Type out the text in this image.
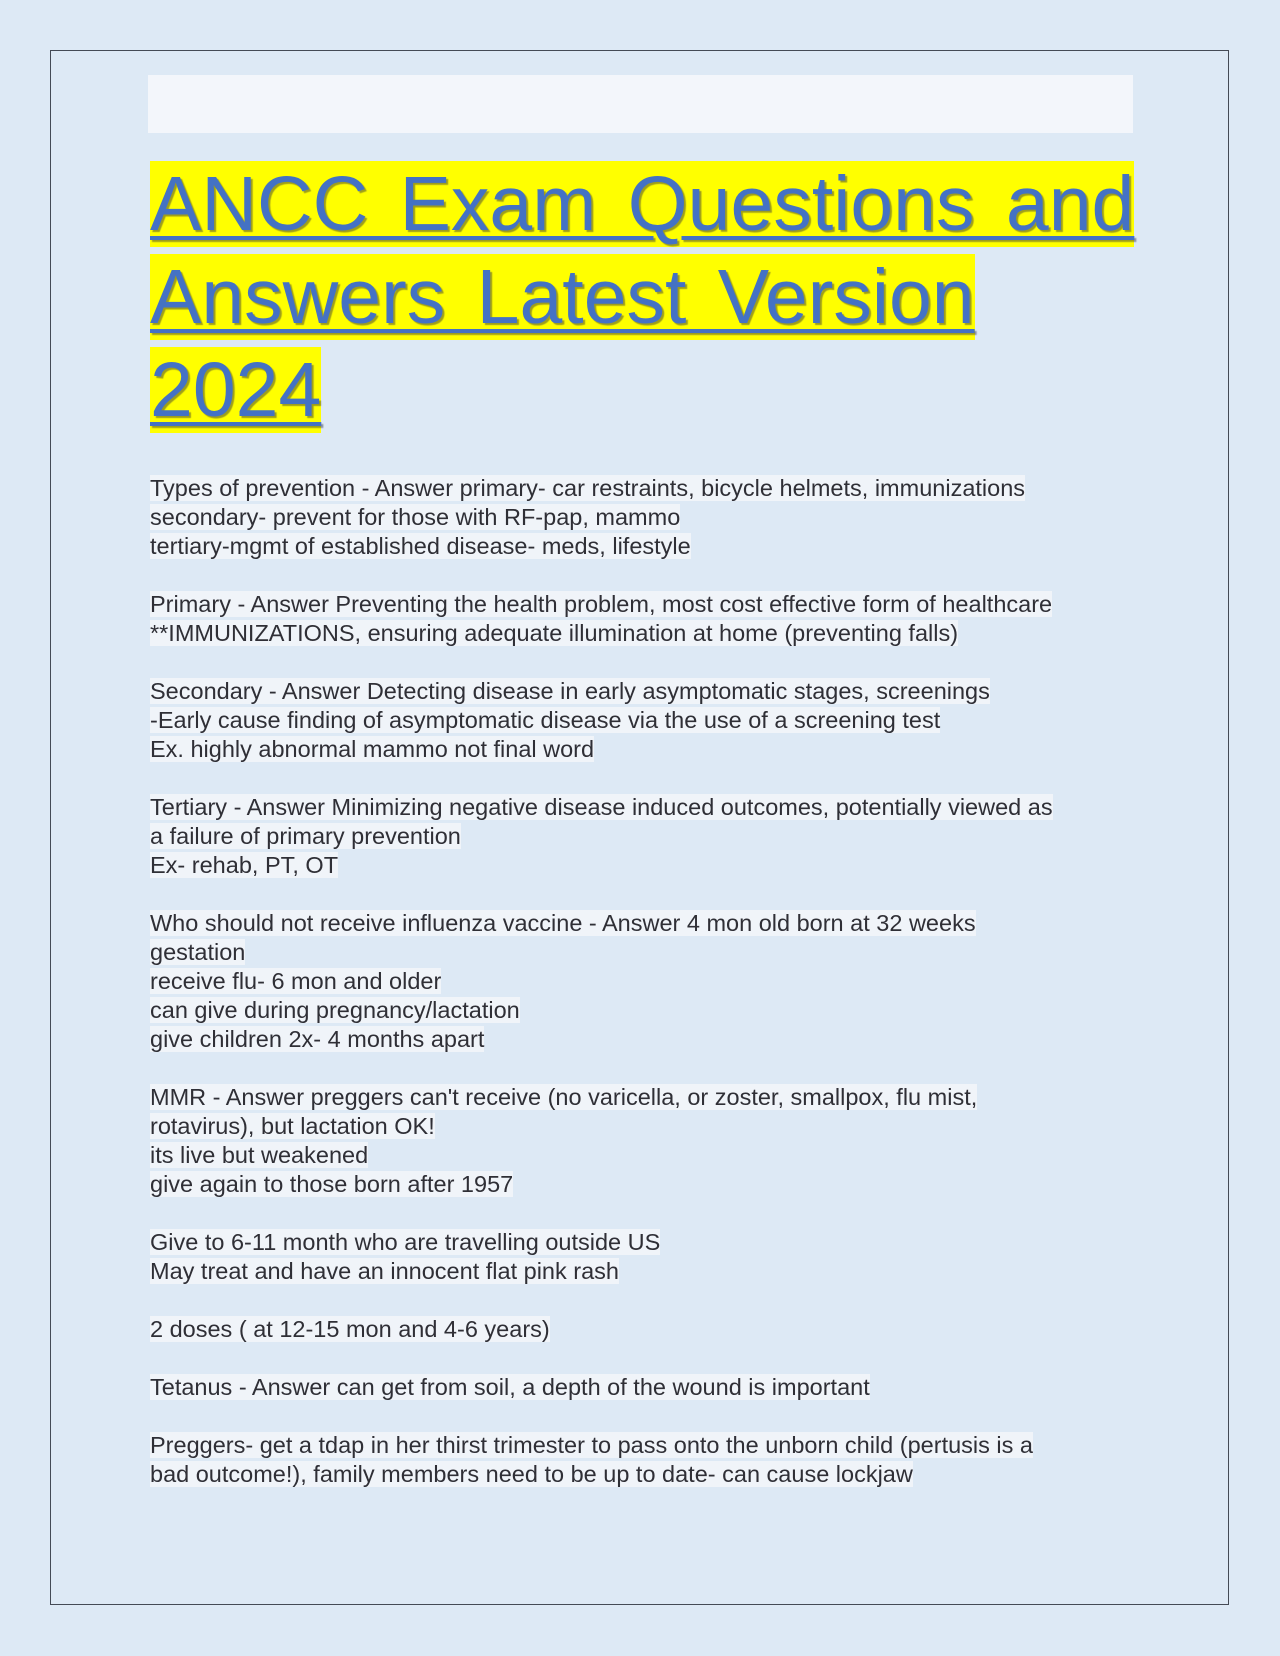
ANCC Exam Questions and Answers Latest Version 2024
Types of prevention - Answer primary- car restraints, bicycle helmets, immunizations
secondary- prevent for those with RF-pap, mammo
tertiary-mgmt of established disease- meds, lifestyle
Primary - Answer Preventing the health problem, most cost effective form of healthcare
**IMMUNIZATIONS, ensuring adequate illumination at home (preventing falls)
Secondary - Answer Detecting disease in early asymptomatic stages, screenings
-Early cause finding of asymptomatic disease via the use of a screening test
Ex. highly abnormal mammo not final word
Tertiary - Answer Minimizing negative disease induced outcomes, potentially viewed as
a failure of primary prevention
Ex- rehab, PT, OT
Who should not receive influenza vaccine - Answer 4 mon old born at 32 weeks
gestation
receive flu- 6 mon and older
can give during pregnancy/lactation
give children 2x- 4 months apart
MMR - Answer preggers can't receive (no varicella, or zoster, smallpox, flu mist,
rotavirus), but lactation OK!
its live but weakened
give again to those born after 1957
Give to 6-11 month who are travelling outside US
May treat and have an innocent flat pink rash
2 doses ( at 12-15 mon and 4-6 years)
Tetanus - Answer can get from soil, a depth of the wound is important
Preggers- get a tdap in her thirst trimester to pass onto the unborn child (pertusis is a
bad outcome!), family members need to be up to date- can cause lockjaw
